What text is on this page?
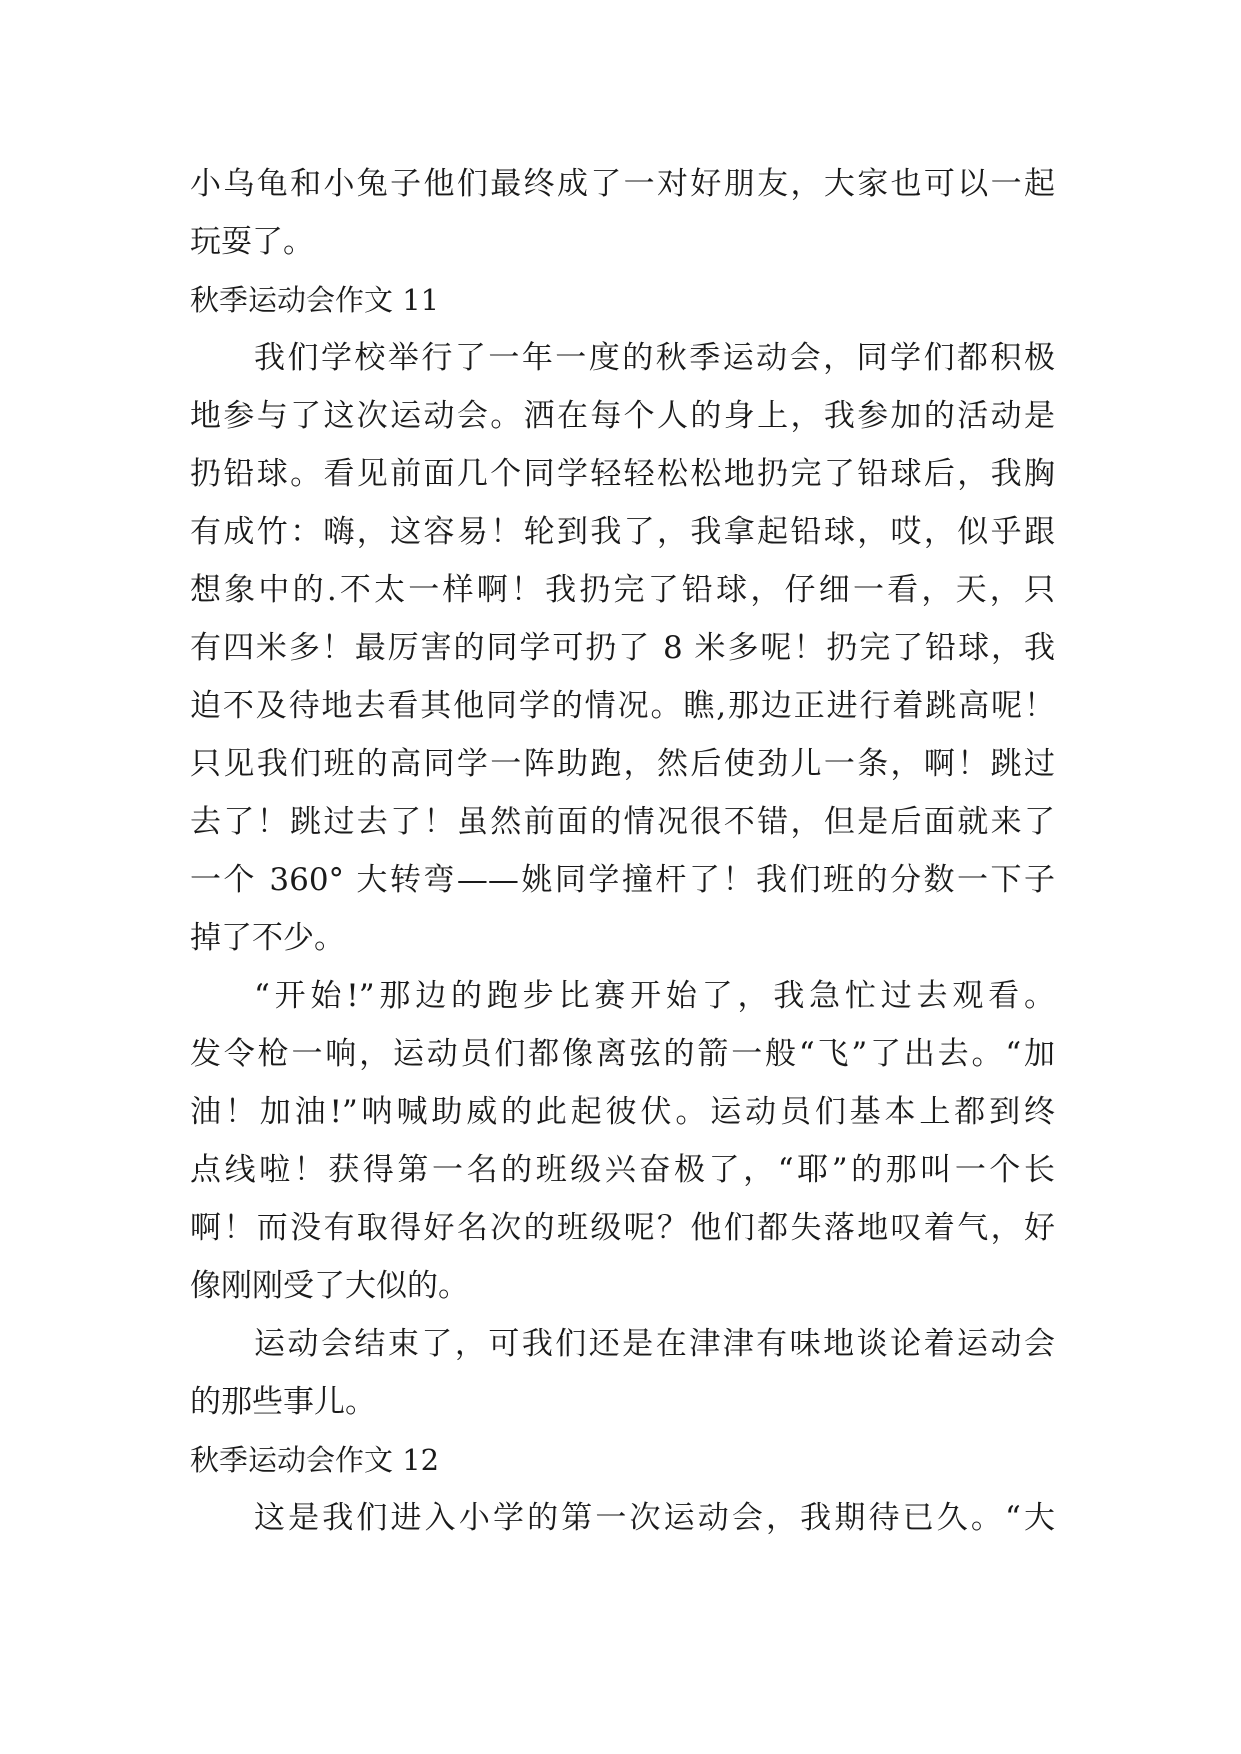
小乌龟和小兔子他们最终成了一对好朋友，大家也可以一起
玩耍了。
秋季运动会作文 11
我们学校举行了一年一度的秋季运动会，同学们都积极
地参与了这次运动会。洒在每个人的身上，我参加的活动是
扔铅球。看见前面几个同学轻轻松松地扔完了铅球后，我胸
有成竹：嗨，这容易！轮到我了，我拿起铅球，哎，似乎跟
想象中的.不太一样啊！我扔完了铅球，仔细一看，天，只
有四米多！最厉害的同学可扔了 8 米多呢！扔完了铅球，我
迫不及待地去看其他同学的情况。瞧,那边正进行着跳高呢！
只见我们班的高同学一阵助跑，然后使劲儿一条，啊！跳过
去了！跳过去了！虽然前面的情况很不错，但是后面就来了
一个 360° 大转弯——姚同学撞杆了！我们班的分数一下子
掉了不少。
“开始!”那边的跑步比赛开始了，我急忙过去观看。
发令枪一响，运动员们都像离弦的箭一般“飞”了出去。“加
油！加油!”呐喊助威的此起彼伏。运动员们基本上都到终
点线啦！获得第一名的班级兴奋极了，“耶”的那叫一个长
啊！而没有取得好名次的班级呢？他们都失落地叹着气，好
像刚刚受了大似的。
运动会结束了，可我们还是在津津有味地谈论着运动会
的那些事儿。
秋季运动会作文 12
这是我们进入小学的第一次运动会，我期待已久。“大
